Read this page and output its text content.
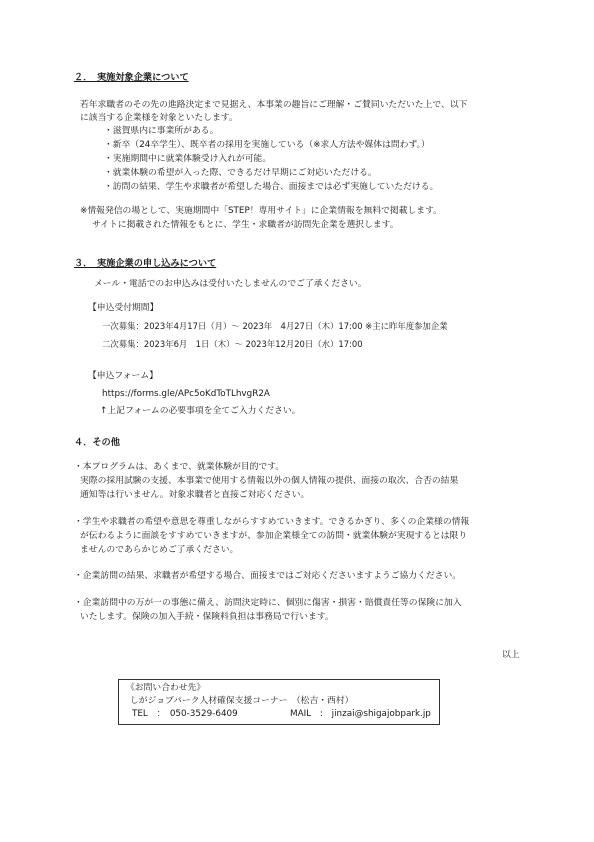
２．　実施対象企業について
若年求職者のその先の進路決定まで見据え、本事業の趣旨にご理解・ご賛同いただいた上で、以下
に該当する企業様を対象といたします。
・滋賀県内に事業所がある。
・新卒（24卒学生）、既卒者の採用を実施している（※求人方法や媒体は問わず。）
・実施期間中に就業体験受け入れが可能。
・就業体験の希望が入った際、できるだけ早期にご対応いただける。
・訪問の結果、学生や求職者が希望した場合、面接までは必ず実施していただける。
※情報発信の場として、実施期間中「STEP！専用サイト」に企業情報を無料で掲載します。
サイトに掲載された情報をもとに、学生・求職者が訪問先企業を選択します。
３．　実施企業の申し込みについて
メール・電話でのお申込みは受付いたしませんのでご了承ください。
【申込受付期間】
一次募集：2023年4月17日（月）～ 2023年　4月27日（木）17:00 ※主に昨年度参加企業
二次募集：2023年6月　1日（木）～ 2023年12月20日（水）17:00
【申込フォーム】
https://forms.gle/APc5oKdToTLhvgR2A
↑上記フォームの必要事項を全てご入力ください。
４．その他
・本プログラムは、あくまで、就業体験が目的です。
実際の採用試験の支援、本事業で使用する情報以外の個人情報の提供、面接の取次、合否の結果
通知等は行いません。対象求職者と直接ご対応ください。
・学生や求職者の希望や意思を尊重しながらすすめていきます。できるかぎり、多くの企業様の情報
が伝わるように面談をすすめていきますが、参加企業様全ての訪問・就業体験が実現するとは限り
ませんのであらかじめご了承ください。
・企業訪問の結果、求職者が希望する場合、面接まではご対応くださいますようご協力ください。
・企業訪問中の万が一の事態に備え、訪問決定時に、個別に傷害・損害・賠償責任等の保険に加入
いたします。保険の加入手続・保険料負担は事務局で行います。
以上
《お問い合わせ先》
しがジョブパーク人材確保支援コーナー　（松吉・西村）
TEL　：　050-3529-6409	MAIL　:　jinzai@shigajobpark.jp
